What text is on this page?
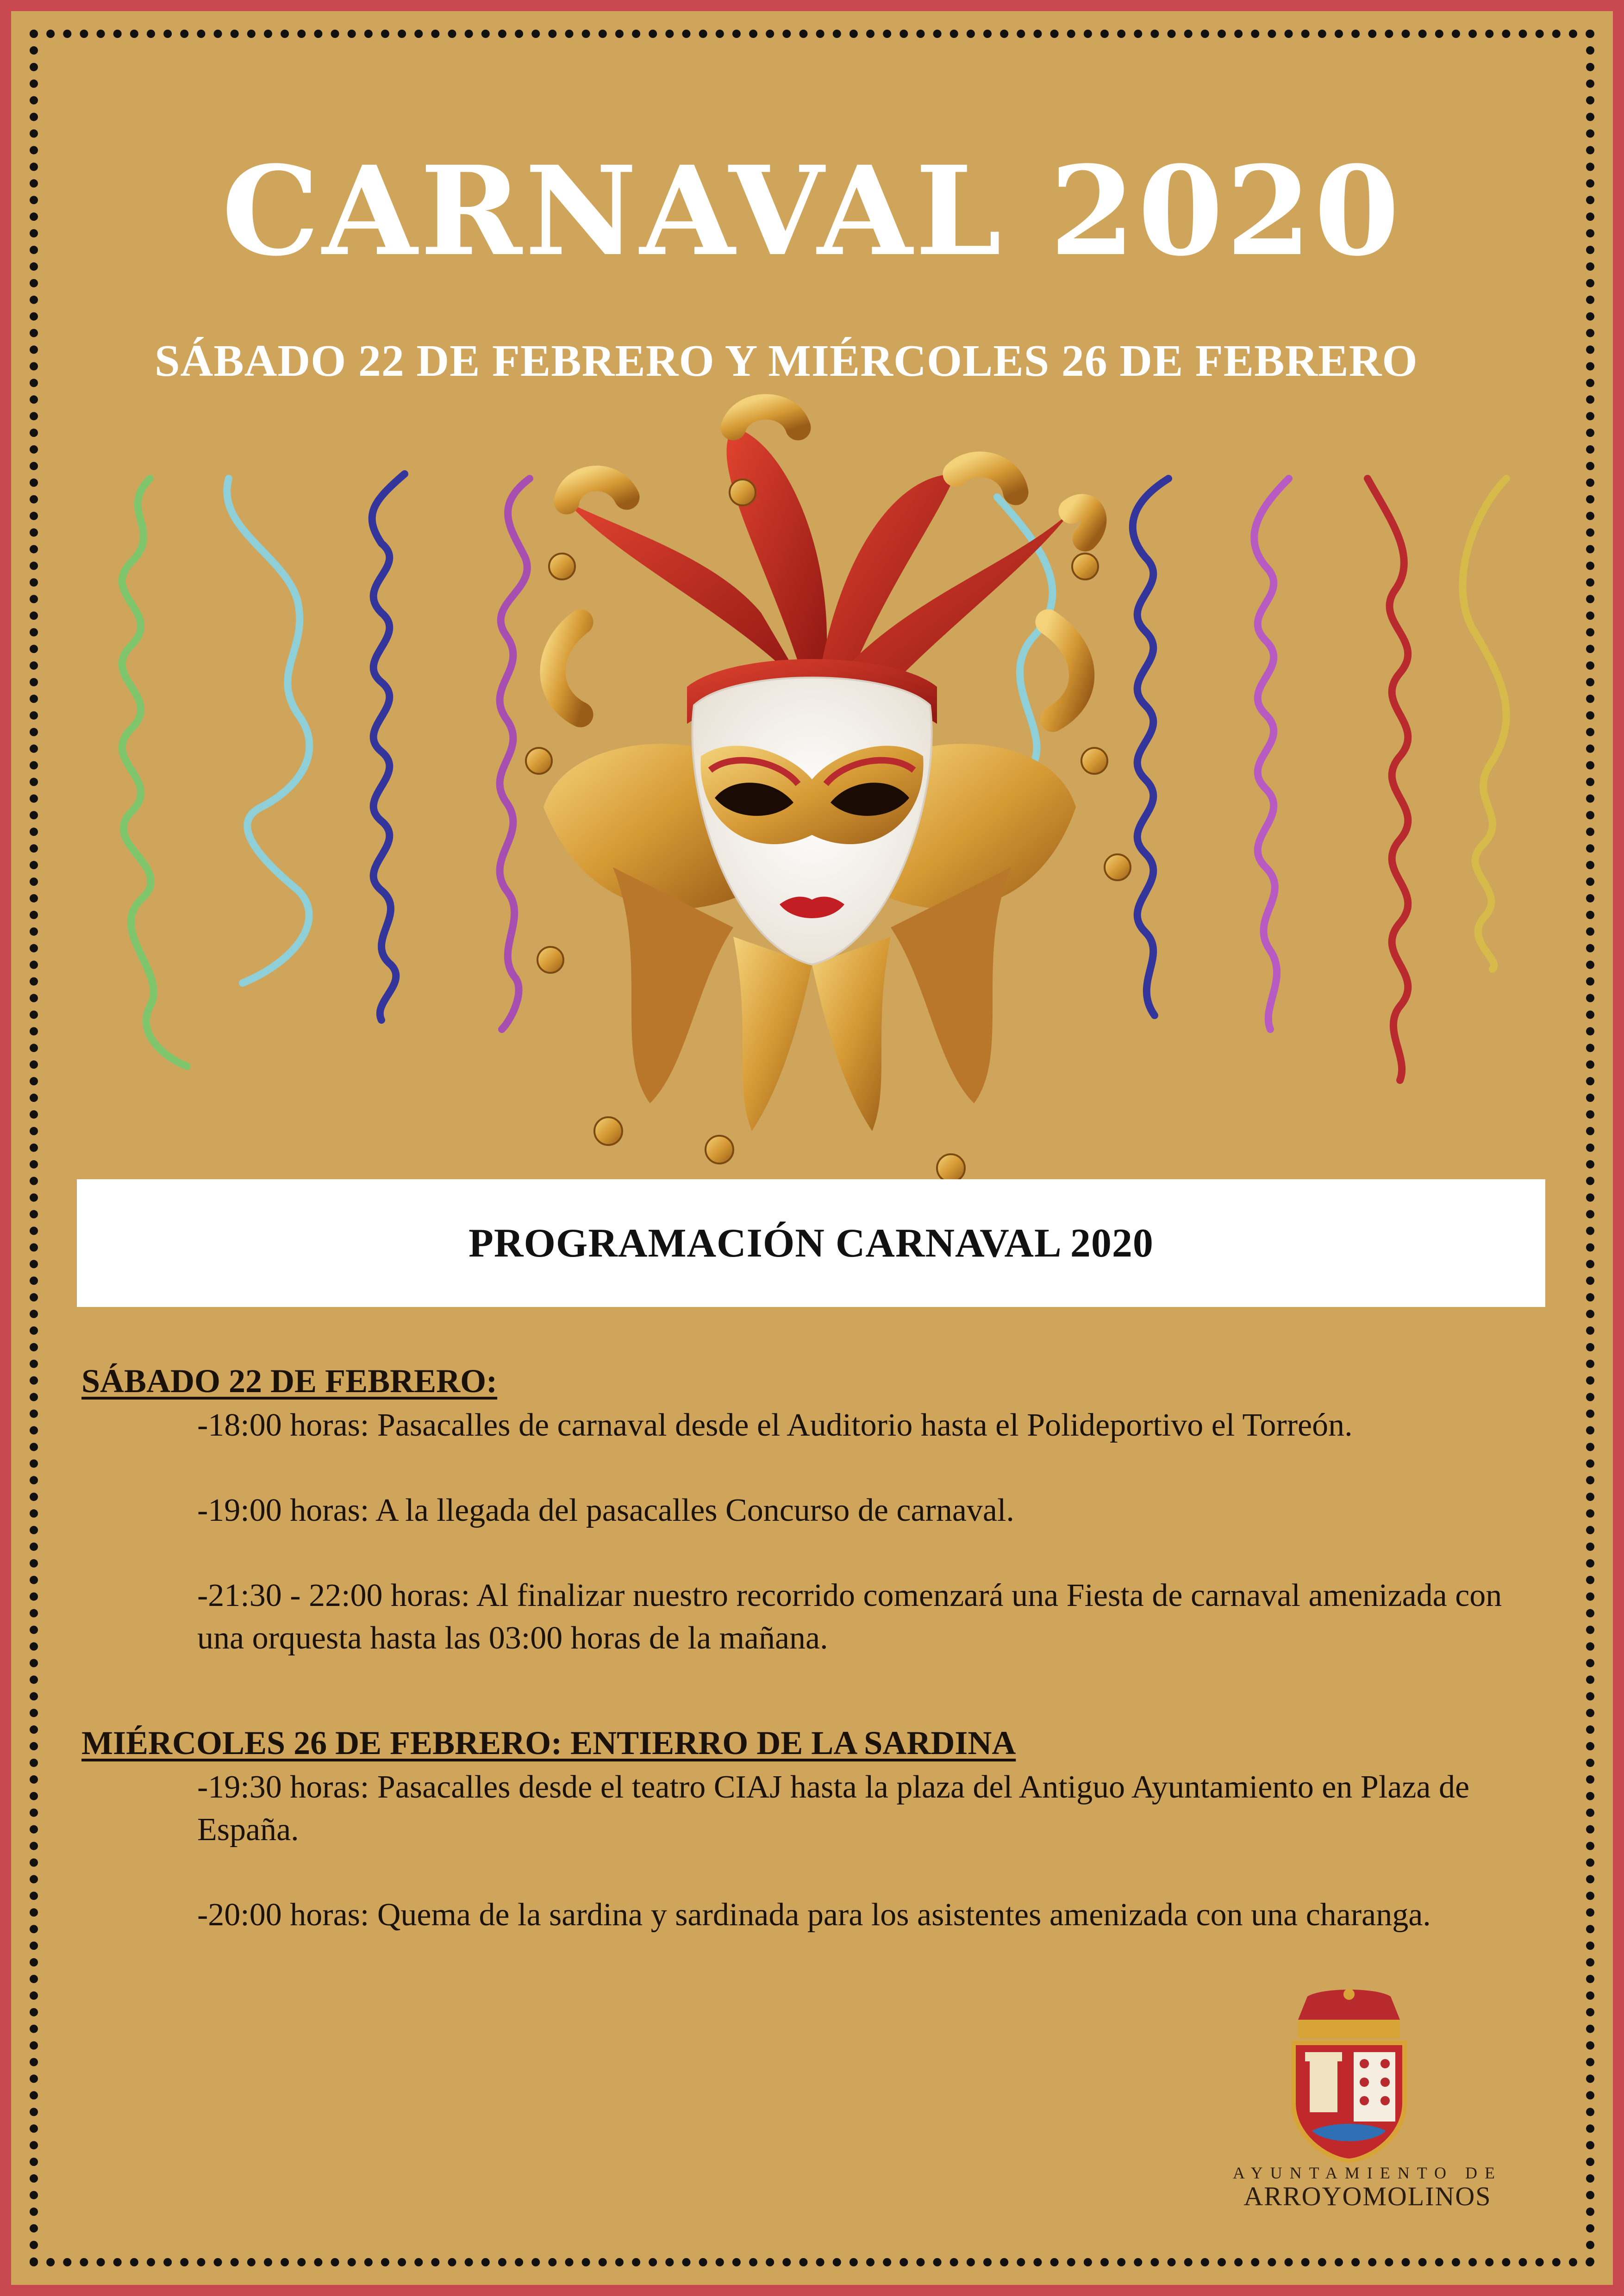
CARNAVAL 2020
SÁBADO 22 DE FEBRERO Y MIÉRCOLES 26 DE FEBRERO
PROGRAMACIÓN CARNAVAL 2020

SÁBADO 22 DE FEBRERO:

-18:00 horas: Pasacalles de carnaval desde el Auditorio hasta el Polideportivo el Torreón.

-19:00 horas: A la llegada del pasacalles Concurso de carnaval.

-21:30 - 22:00 horas: Al finalizar nuestro recorrido comenzará una Fiesta de carnaval amenizada con una orquesta hasta las 03:00 horas de la mañana.

MIÉRCOLES 26 DE FEBRERO: ENTIERRO DE LA SARDINA

-19:30 horas: Pasacalles desde el teatro CIAJ hasta la plaza del Antiguo Ayuntamiento en Plaza de España.

-20:00 horas: Quema de la sardina y sardinada para los asistentes amenizada con una charanga.

AYUNTAMIENTO DE
ARROYOMOLINOS
